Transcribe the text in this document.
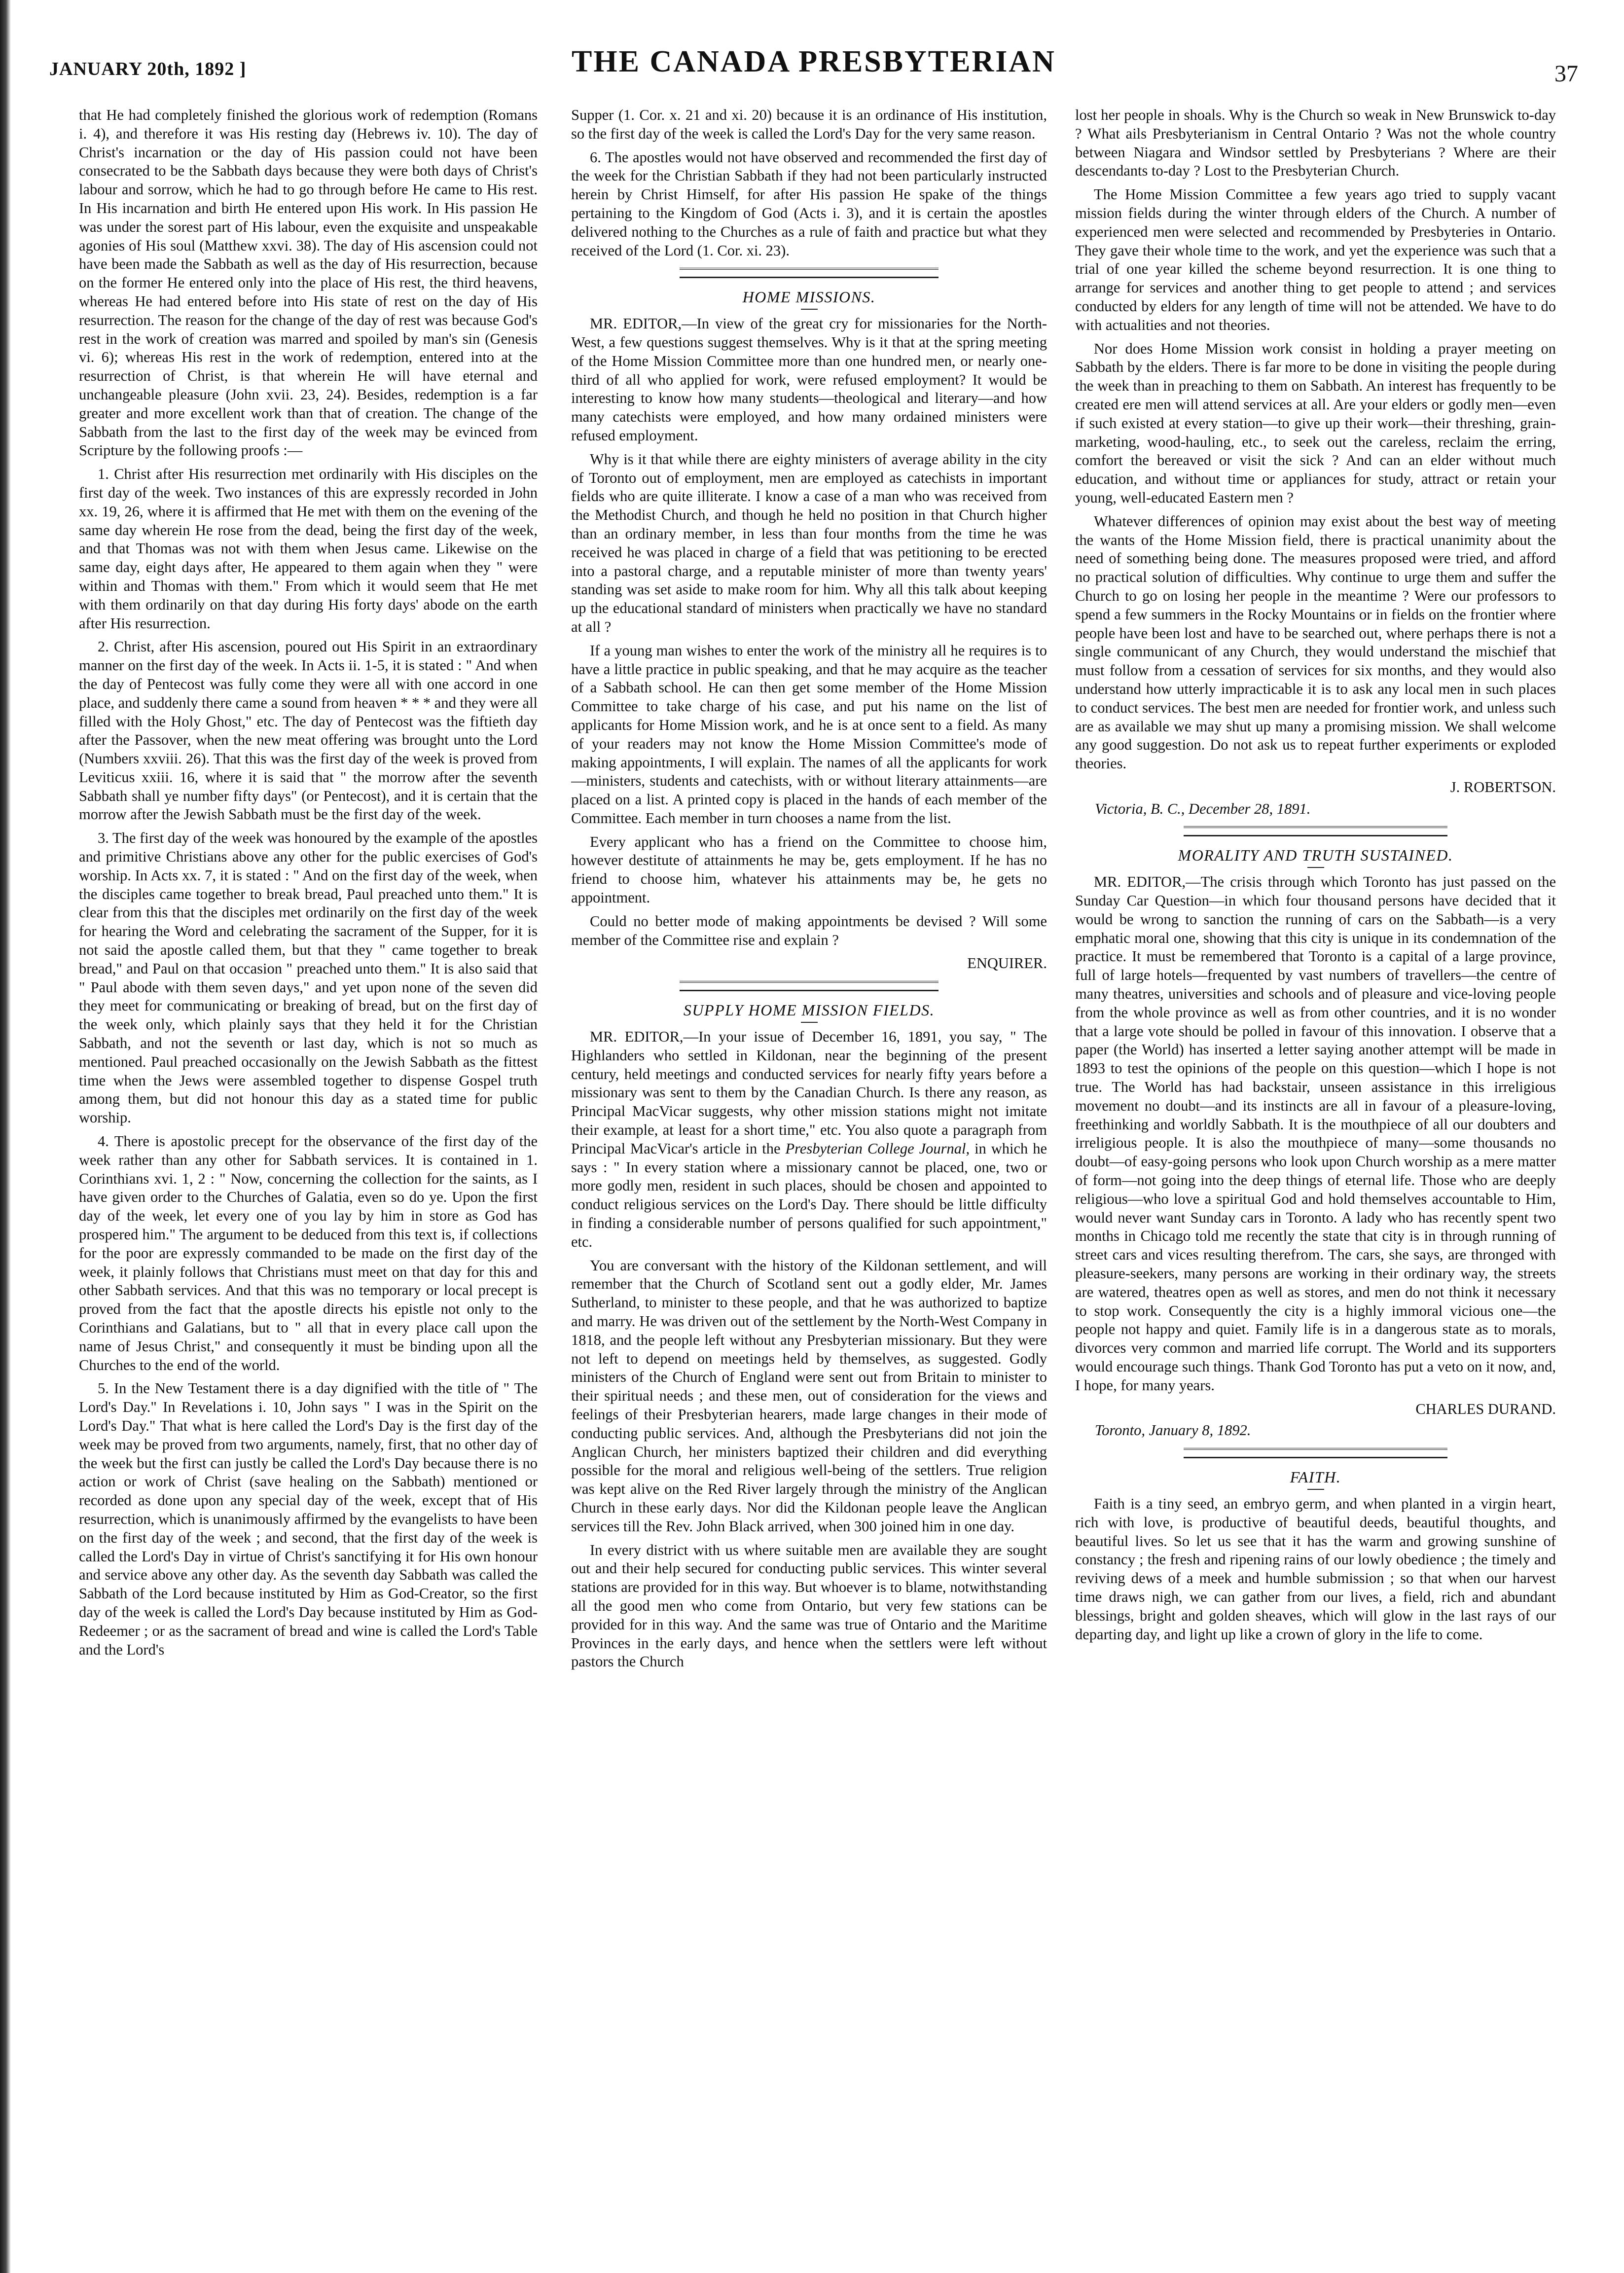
JANUARY 20th, 1892 ]	THE CANADA PRESBYTERIAN	37

that He had completely finished the glorious work of redemption (Romans i. 4), and therefore it was His resting day (Hebrews iv. 10). The day of Christ's incarnation or the day of His passion could not have been consecrated to be the Sabbath days because they were both days of Christ's labour and sorrow, which he had to go through before He came to His rest. In His incarnation and birth He entered upon His work. In His passion He was under the sorest part of His labour, even the exquisite and unspeakable agonies of His soul (Matthew xxvi. 38). The day of His ascension could not have been made the Sabbath as well as the day of His resurrection, because on the former He entered only into the place of His rest, the third heavens, whereas He had entered before into His state of rest on the day of His resurrection. The reason for the change of the day of rest was because God's rest in the work of creation was marred and spoiled by man's sin (Genesis vi. 6); whereas His rest in the work of redemption, entered into at the resurrection of Christ, is that wherein He will have eternal and unchangeable pleasure (John xvii. 23, 24). Besides, redemption is a far greater and more excellent work than that of creation. The change of the Sabbath from the last to the first day of the week may be evinced from Scripture by the following proofs :—

1. Christ after His resurrection met ordinarily with His disciples on the first day of the week. Two instances of this are expressly recorded in John xx. 19, 26, where it is affirmed that He met with them on the evening of the same day wherein He rose from the dead, being the first day of the week, and that Thomas was not with them when Jesus came. Likewise on the same day, eight days after, He appeared to them again when they " were within and Thomas with them." From which it would seem that He met with them ordinarily on that day during His forty days' abode on the earth after His resurrection.

2. Christ, after His ascension, poured out His Spirit in an extraordinary manner on the first day of the week. In Acts ii. 1-5, it is stated : " And when the day of Pentecost was fully come they were all with one accord in one place, and suddenly there came a sound from heaven * * * and they were all filled with the Holy Ghost," etc. The day of Pentecost was the fiftieth day after the Passover, when the new meat offering was brought unto the Lord (Numbers xxviii. 26). That this was the first day of the week is proved from Leviticus xxiii. 16, where it is said that " the morrow after the seventh Sabbath shall ye number fifty days" (or Pentecost), and it is certain that the morrow after the Jewish Sabbath must be the first day of the week.

3. The first day of the week was honoured by the example of the apostles and primitive Christians above any other for the public exercises of God's worship. In Acts xx. 7, it is stated : " And on the first day of the week, when the disciples came together to break bread, Paul preached unto them." It is clear from this that the disciples met ordinarily on the first day of the week for hearing the Word and celebrating the sacrament of the Supper, for it is not said the apostle called them, but that they " came together to break bread," and Paul on that occasion " preached unto them." It is also said that " Paul abode with them seven days," and yet upon none of the seven did they meet for communicating or breaking of bread, but on the first day of the week only, which plainly says that they held it for the Christian Sabbath, and not the seventh or last day, which is not so much as mentioned. Paul preached occasionally on the Jewish Sabbath as the fittest time when the Jews were assembled together to dispense Gospel truth among them, but did not honour this day as a stated time for public worship.

4. There is apostolic precept for the observance of the first day of the week rather than any other for Sabbath services. It is contained in 1. Corinthians xvi. 1, 2 : " Now, concerning the collection for the saints, as I have given order to the Churches of Galatia, even so do ye. Upon the first day of the week, let every one of you lay by him in store as God has prospered him." The argument to be deduced from this text is, if collections for the poor are expressly commanded to be made on the first day of the week, it plainly follows that Christians must meet on that day for this and other Sabbath services. And that this was no temporary or local precept is proved from the fact that the apostle directs his epistle not only to the Corinthians and Galatians, but to " all that in every place call upon the name of Jesus Christ," and consequently it must be binding upon all the Churches to the end of the world.

5. In the New Testament there is a day dignified with the title of " The Lord's Day." In Revelations i. 10, John says " I was in the Spirit on the Lord's Day." That what is here called the Lord's Day is the first day of the week may be proved from two arguments, namely, first, that no other day of the week but the first can justly be called the Lord's Day because there is no action or work of Christ (save healing on the Sabbath) mentioned or recorded as done upon any special day of the week, except that of His resurrection, which is unanimously affirmed by the evangelists to have been on the first day of the week ; and second, that the first day of the week is called the Lord's Day in virtue of Christ's sanctifying it for His own honour and service above any other day. As the seventh day Sabbath was called the Sabbath of the Lord because instituted by Him as God-Creator, so the first day of the week is called the Lord's Day because instituted by Him as God-Redeemer ; or as the sacrament of bread and wine is called the Lord's Table and the Lord's

Supper (1. Cor. x. 21 and xi. 20) because it is an ordinance of His institution, so the first day of the week is called the Lord's Day for the very same reason.

6. The apostles would not have observed and recommended the first day of the week for the Christian Sabbath if they had not been particularly instructed herein by Christ Himself, for after His passion He spake of the things pertaining to the Kingdom of God (Acts i. 3), and it is certain the apostles delivered nothing to the Churches as a rule of faith and practice but what they received of the Lord (1. Cor. xi. 23).

HOME MISSIONS.

MR. EDITOR,—In view of the great cry for missionaries for the North-West, a few questions suggest themselves. Why is it that at the spring meeting of the Home Mission Committee more than one hundred men, or nearly one-third of all who applied for work, were refused employment? It would be interesting to know how many students—theological and literary—and how many catechists were employed, and how many ordained ministers were refused employment.

Why is it that while there are eighty ministers of average ability in the city of Toronto out of employment, men are employed as catechists in important fields who are quite illiterate. I know a case of a man who was received from the Methodist Church, and though he held no position in that Church higher than an ordinary member, in less than four months from the time he was received he was placed in charge of a field that was petitioning to be erected into a pastoral charge, and a reputable minister of more than twenty years' standing was set aside to make room for him. Why all this talk about keeping up the educational standard of ministers when practically we have no standard at all ?

If a young man wishes to enter the work of the ministry all he requires is to have a little practice in public speaking, and that he may acquire as the teacher of a Sabbath school. He can then get some member of the Home Mission Committee to take charge of his case, and put his name on the list of applicants for Home Mission work, and he is at once sent to a field. As many of your readers may not know the Home Mission Committee's mode of making appointments, I will explain. The names of all the applicants for work—ministers, students and catechists, with or without literary attainments—are placed on a list. A printed copy is placed in the hands of each member of the Committee. Each member in turn chooses a name from the list.

Every applicant who has a friend on the Committee to choose him, however destitute of attainments he may be, gets employment. If he has no friend to choose him, whatever his attainments may be, he gets no appointment.

Could no better mode of making appointments be devised ? Will some member of the Committee rise and explain ?

ENQUIRER.

SUPPLY HOME MISSION FIELDS.

MR. EDITOR,—In your issue of December 16, 1891, you say, " The Highlanders who settled in Kildonan, near the beginning of the present century, held meetings and conducted services for nearly fifty years before a missionary was sent to them by the Canadian Church. Is there any reason, as Principal MacVicar suggests, why other mission stations might not imitate their example, at least for a short time," etc. You also quote a paragraph from Principal MacVicar's article in the Presbyterian College Journal, in which he says : " In every station where a missionary cannot be placed, one, two or more godly men, resident in such places, should be chosen and appointed to conduct religious services on the Lord's Day. There should be little difficulty in finding a considerable number of persons qualified for such appointment," etc.

You are conversant with the history of the Kildonan settlement, and will remember that the Church of Scotland sent out a godly elder, Mr. James Sutherland, to minister to these people, and that he was authorized to baptize and marry. He was driven out of the settlement by the North-West Company in 1818, and the people left without any Presbyterian missionary. But they were not left to depend on meetings held by themselves, as suggested. Godly ministers of the Church of England were sent out from Britain to minister to their spiritual needs ; and these men, out of consideration for the views and feelings of their Presbyterian hearers, made large changes in their mode of conducting public services. And, although the Presbyterians did not join the Anglican Church, her ministers baptized their children and did everything possible for the moral and religious well-being of the settlers. True religion was kept alive on the Red River largely through the ministry of the Anglican Church in these early days. Nor did the Kildonan people leave the Anglican services till the Rev. John Black arrived, when 300 joined him in one day.

In every district with us where suitable men are available they are sought out and their help secured for conducting public services. This winter several stations are provided for in this way. But whoever is to blame, notwithstanding all the good men who come from Ontario, but very few stations can be provided for in this way. And the same was true of Ontario and the Maritime Provinces in the early days, and hence when the settlers were left without pastors the Church

lost her people in shoals. Why is the Church so weak in New Brunswick to-day ? What ails Presbyterianism in Central Ontario ? Was not the whole country between Niagara and Windsor settled by Presbyterians ? Where are their descendants to-day ? Lost to the Presbyterian Church.

The Home Mission Committee a few years ago tried to supply vacant mission fields during the winter through elders of the Church. A number of experienced men were selected and recommended by Presbyteries in Ontario. They gave their whole time to the work, and yet the experience was such that a trial of one year killed the scheme beyond resurrection. It is one thing to arrange for services and another thing to get people to attend ; and services conducted by elders for any length of time will not be attended. We have to do with actualities and not theories.

Nor does Home Mission work consist in holding a prayer meeting on Sabbath by the elders. There is far more to be done in visiting the people during the week than in preaching to them on Sabbath. An interest has frequently to be created ere men will attend services at all. Are your elders or godly men—even if such existed at every station—to give up their work—their threshing, grain-marketing, wood-hauling, etc., to seek out the careless, reclaim the erring, comfort the bereaved or visit the sick ? And can an elder without much education, and without time or appliances for study, attract or retain your young, well-educated Eastern men ?

Whatever differences of opinion may exist about the best way of meeting the wants of the Home Mission field, there is practical unanimity about the need of something being done. The measures proposed were tried, and afford no practical solution of difficulties. Why continue to urge them and suffer the Church to go on losing her people in the meantime ? Were our professors to spend a few summers in the Rocky Mountains or in fields on the frontier where people have been lost and have to be searched out, where perhaps there is not a single communicant of any Church, they would understand the mischief that must follow from a cessation of services for six months, and they would also understand how utterly impracticable it is to ask any local men in such places to conduct services. The best men are needed for frontier work, and unless such are as available we may shut up many a promising mission. We shall welcome any good suggestion. Do not ask us to repeat further experiments or exploded theories.

J. ROBERTSON.

Victoria, B. C., December 28, 1891.

MORALITY AND TRUTH SUSTAINED.

MR. EDITOR,—The crisis through which Toronto has just passed on the Sunday Car Question—in which four thousand persons have decided that it would be wrong to sanction the running of cars on the Sabbath—is a very emphatic moral one, showing that this city is unique in its condemnation of the practice. It must be remembered that Toronto is a capital of a large province, full of large hotels—frequented by vast numbers of travellers—the centre of many theatres, universities and schools and of pleasure and vice-loving people from the whole province as well as from other countries, and it is no wonder that a large vote should be polled in favour of this innovation. I observe that a paper (the World) has inserted a letter saying another attempt will be made in 1893 to test the opinions of the people on this question—which I hope is not true. The World has had backstair, unseen assistance in this irreligious movement no doubt—and its instincts are all in favour of a pleasure-loving, freethinking and worldly Sabbath. It is the mouthpiece of all our doubters and irreligious people. It is also the mouthpiece of many—some thousands no doubt—of easy-going persons who look upon Church worship as a mere matter of form—not going into the deep things of eternal life. Those who are deeply religious—who love a spiritual God and hold themselves accountable to Him, would never want Sunday cars in Toronto. A lady who has recently spent two months in Chicago told me recently the state that city is in through running of street cars and vices resulting therefrom. The cars, she says, are thronged with pleasure-seekers, many persons are working in their ordinary way, the streets are watered, theatres open as well as stores, and men do not think it necessary to stop work. Consequently the city is a highly immoral vicious one—the people not happy and quiet. Family life is in a dangerous state as to morals, divorces very common and married life corrupt. The World and its supporters would encourage such things. Thank God Toronto has put a veto on it now, and, I hope, for many years.

CHARLES DURAND.

Toronto, January 8, 1892.

FAITH.

Faith is a tiny seed, an embryo germ, and when planted in a virgin heart, rich with love, is productive of beautiful deeds, beautiful thoughts, and beautiful lives. So let us see that it has the warm and growing sunshine of constancy ; the fresh and ripening rains of our lowly obedience ; the timely and reviving dews of a meek and humble submission ; so that when our harvest time draws nigh, we can gather from our lives, a field, rich and abundant blessings, bright and golden sheaves, which will glow in the last rays of our departing day, and light up like a crown of glory in the life to come.
